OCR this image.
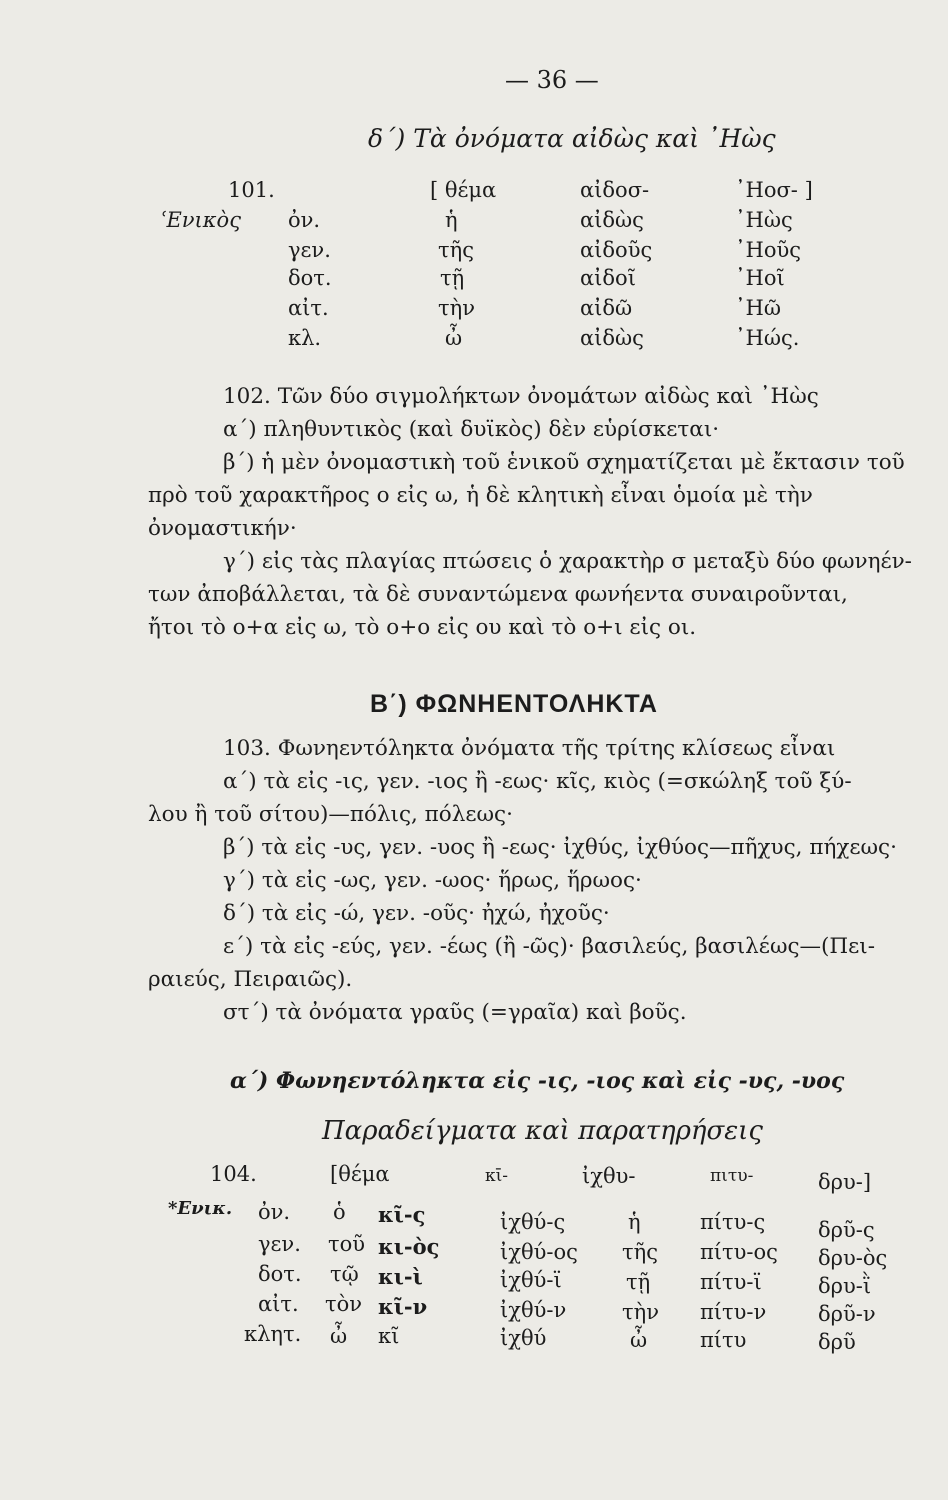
— 36 —
δ΄) Τὰ ὀνόματα αἰδὼς καὶ ᾿Ηὼς
101.
ʿΕνικὸς
[ θέμα	αἰδοσ-	᾿Ηοσ- ]
ὀν.	ἡ	αἰδὼς	᾿Ηὼς
γεν.	τῆς	αἰδοῦς	᾿Ηοῦς
δοτ.	τῇ	αἰδοῖ	᾿Ηοῖ
αἰτ.	τὴν	αἰδῶ	᾿Ηῶ
κλ.	ὦ	αἰδὼς	᾿Ηώς.

102. Τῶν δύο σιγμολήκτων ὀνομάτων αἰδὼς καὶ ᾿Ηὼς

α΄) πληθυντικὸς (καὶ δυϊκὸς) δὲν εὑρίσκεται·

β΄) ἡ μὲν ὀνομαστικὴ τοῦ ἑνικοῦ σχηματίζεται μὲ ἔκτασιν τοῦ

πρὸ τοῦ χαρακτῆρος ο εἰς ω, ἡ δὲ κλητικὴ εἶναι ὁμοία μὲ τὴν

ὀνομαστικήν·

γ΄) εἰς τὰς πλαγίας πτώσεις ὁ χαρακτὴρ σ μεταξὺ δύο φωνηέν-

των ἀποβάλλεται, τὰ δὲ συναντώμενα φωνήεντα συναιροῦνται,

ἤτοι τὸ ο+α εἰς ω, τὸ ο+ο εἰς ου καὶ τὸ ο+ι εἰς οι.

Β΄) ΦΩΝΗΕΝΤΟΛΗΚΤΑ

103. Φωνηεντόληκτα ὀνόματα τῆς τρίτης κλίσεως εἶναι

α΄) τὰ εἰς -ις, γεν. -ιος ἢ -εως· κῖς, κιὸς (=σκώληξ τοῦ ξύ-

λου ἢ τοῦ σίτου)—πόλις, πόλεως·

β΄) τὰ εἰς -υς, γεν. -υος ἢ -εως· ἰχθύς, ἰχθύος—πῆχυς, πήχεως·

γ΄) τὰ εἰς -ως, γεν. -ωος· ἥρως, ἥρωος·

δ΄) τὰ εἰς -ώ, γεν. -οῦς· ἠχώ, ἠχοῦς·

ε΄) τὰ εἰς -εύς, γεν. -έως (ἢ -ῶς)· βασιλεύς, βασιλέως—(Πει-

ραιεύς, Πειραιῶς).

στ΄) τὰ ὀνόματα γραῦς (=γραῖα) καὶ βοῦς.

α΄) Φωνηεντόληκτα εἰς -ις, -ιος καὶ εἰς -υς, -υος
Παραδείγματα καὶ παρατηρήσεις
104.	[θέμα	κῑ-	ἰχθυ-	πιτυ-	δρυ-]
*Ενικ. ὀν. ὁ κῖ-ς	ἰχθύ-ς	ἡ	πίτυ-ς	δρῦ-ς
γεν. τοῦ κι-ὸς	ἰχθύ-ος τῆς πίτυ-ος δρυ-ὸς
δοτ. τῷ κι-ὶ	ἰχθύ-ϊ	τῇ πίτυ-ϊ	δρυ-ῒ
αἰτ. τὸν κῖ-ν	ἰχθύ-ν	τὴν πίτυ-ν δρῦ-ν
κλητ. ὦ κῖ	ἰχθύ	ὦ	πίτυ	δρῦ
